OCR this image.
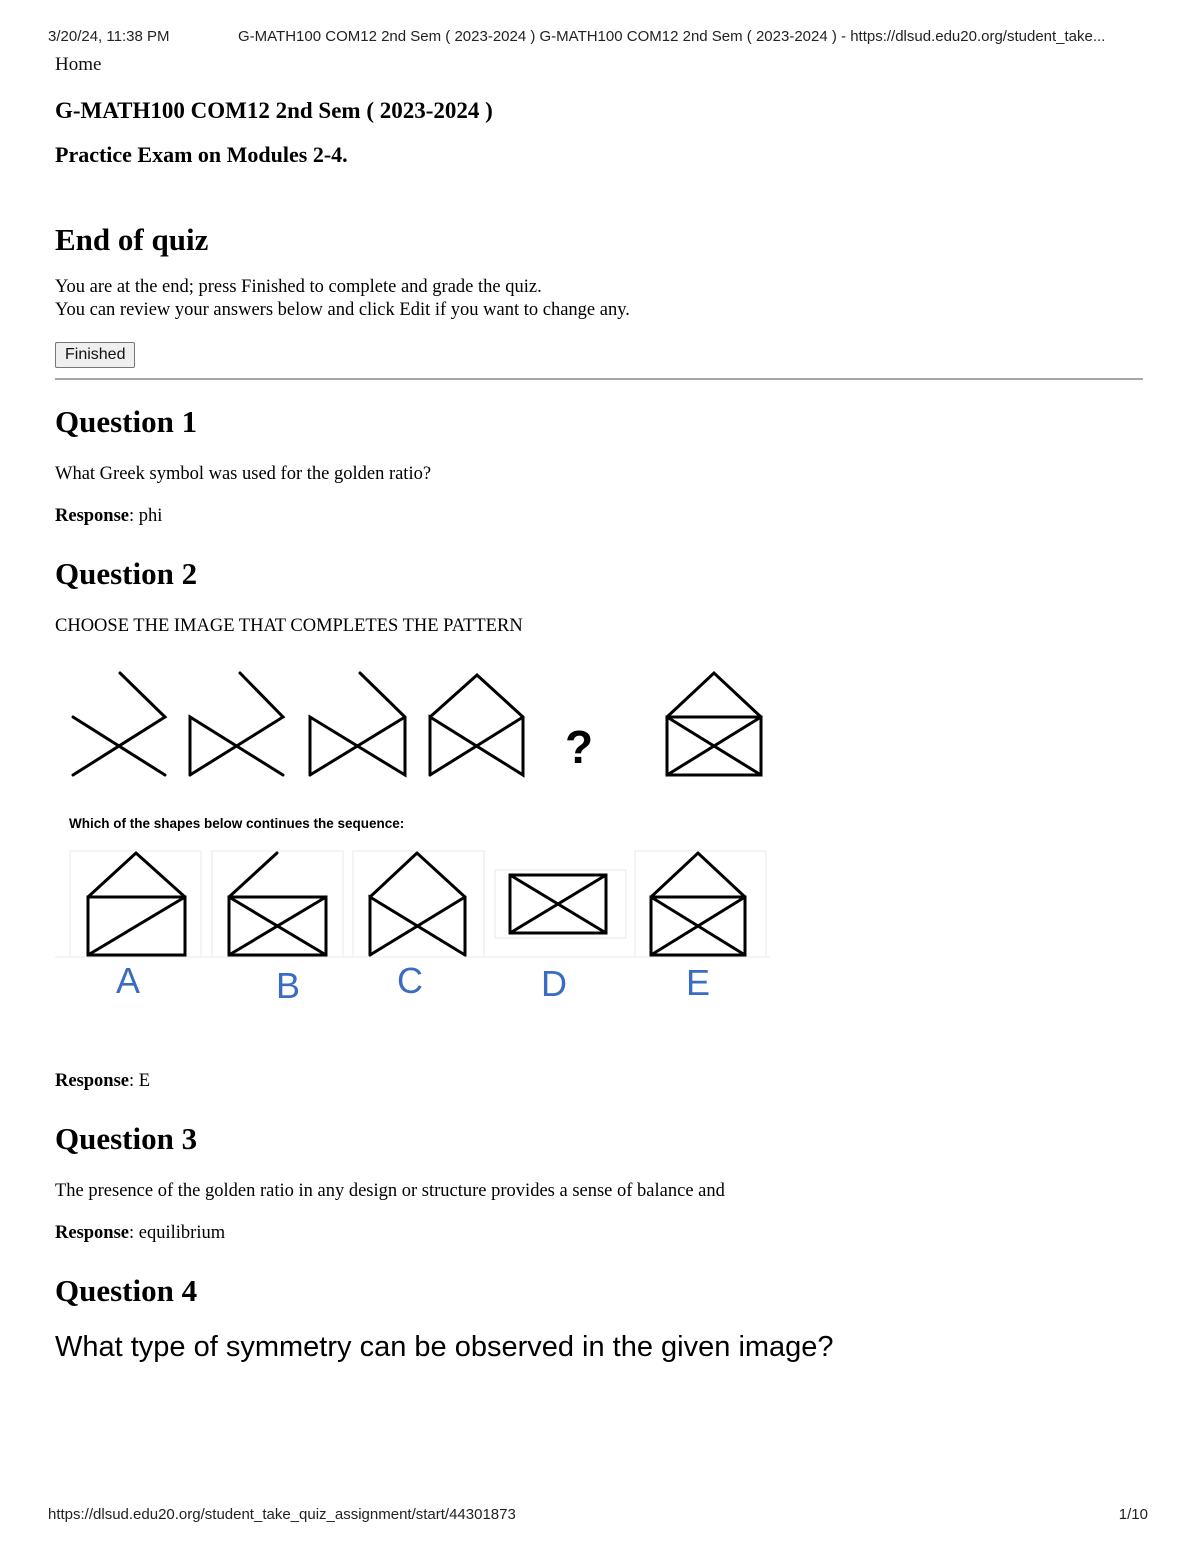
3/20/24, 11:38 PM	G-MATH100 COM12 2nd Sem ( 2023-2024 ) G-MATH100 COM12 2nd Sem ( 2023-2024 ) - https://dlsud.edu20.org/student_take...
Home
G-MATH100 COM12 2nd Sem ( 2023-2024 )
Practice Exam on Modules 2-4.
End of quiz

You are at the end; press Finished to complete and grade the quiz.

You can review your answers below and click Edit if you want to change any.

Finished
Question 1

What Greek symbol was used for the golden ratio?

Response: phi

Question 2

CHOOSE THE IMAGE THAT COMPLETES THE PATTERN

?
Which of the shapes below continues the sequence:
A	B	C	D	E

Response: E

Question 3

The presence of the golden ratio in any design or structure provides a sense of balance and

Response: equilibrium

Question 4

What type of symmetry can be observed in the given image?

https://dlsud.edu20.org/student_take_quiz_assignment/start/44301873	1/10
